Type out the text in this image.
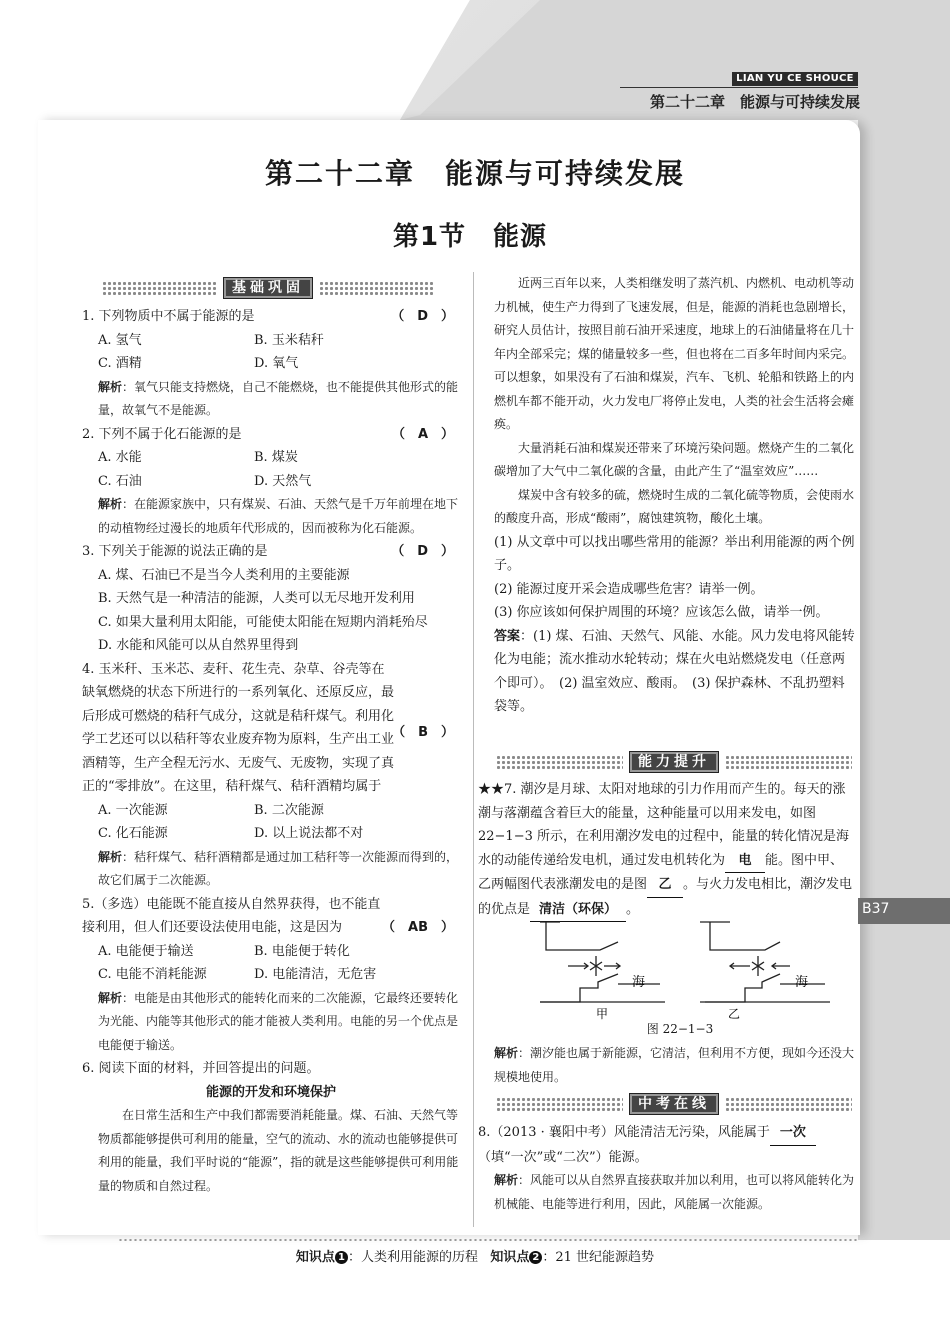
LIAN YU CE SHOUCE
第二十二章　能源与可持续发展
第二十二章　能源与可持续发展
第1节　能源
基础巩固

1. 下列物质中不属于能源的是	（　D　）
A. 氢气	B. 玉米秸秆
C. 酒精	D. 氧气

解析：氧气只能支持燃烧，自己不能燃烧，也不能提供其他形式的能量，故氧气不是能源。

2. 下列不属于化石能源的是	（　A　）
A. 水能	B. 煤炭
C. 石油	D. 天然气

解析：在能源家族中，只有煤炭、石油、天然气是千万年前埋在地下的动植物经过漫长的地质年代形成的，因而被称为化石能源。

3. 下列关于能源的说法正确的是	（　D　）

A. 煤、石油已不是当今人类利用的主要能源

B. 天然气是一种清洁的能源，人类可以无尽地开发利用

C. 如果大量利用太阳能，可能使太阳能在短期内消耗殆尽

D. 水能和风能可以从自然界里得到

4. 玉米秆、玉米芯、麦秆、花生壳、杂草、谷壳等在缺氧燃烧的状态下所进行的一系列氧化、还原反应，最后形成可燃烧的秸秆气成分，这就是秸秆煤气。利用化学工艺还可以以秸秆等农业废弃物为原料，生产出工业酒精等，生产全程无污水、无废气、无废物，实现了真正的“零排放”。在这里，秸秆煤气、秸秆酒精均属于

（　B　）
A. 一次能源	B. 二次能源
C. 化石能源	D. 以上说法都不对

解析：秸秆煤气、秸秆酒精都是通过加工秸秆等一次能源而得到的，故它们属于二次能源。

5.（多选）电能既不能直接从自然界获得，也不能直接利用，但人们还要设法使用电能，这是因为	（　AB　）
A. 电能便于输送	B. 电能便于转化
C. 电能不消耗能源	D. 电能清洁，无危害

解析：电能是由其他形式的能转化而来的二次能源，它最终还要转化为光能、内能等其他形式的能才能被人类利用。电能的另一个优点是电能便于输送。

6. 阅读下面的材料，并回答提出的问题。

能源的开发和环境保护

在日常生活和生产中我们都需要消耗能量。煤、石油、天然气等物质都能够提供可利用的能量，空气的流动、水的流动也能够提供可利用的能量，我们平时说的“能源”，指的就是这些能够提供可利用能量的物质和自然过程。

近两三百年以来，人类相继发明了蒸汽机、内燃机、电动机等动力机械，使生产力得到了飞速发展，但是，能源的消耗也急剧增长，研究人员估计，按照目前石油开采速度，地球上的石油储量将在几十年内全部采完；煤的储量较多一些，但也将在二百多年时间内采完。可以想象，如果没有了石油和煤炭，汽车、飞机、轮船和铁路上的内燃机车都不能开动，火力发电厂将停止发电，人类的社会生活将会瘫痪。

大量消耗石油和煤炭还带来了环境污染问题。燃烧产生的二氧化碳增加了大气中二氧化碳的含量，由此产生了“温室效应”……

煤炭中含有较多的硫，燃烧时生成的二氧化硫等物质，会使雨水的酸度升高，形成“酸雨”，腐蚀建筑物，酸化土壤。

(1) 从文章中可以找出哪些常用的能源？举出利用能源的两个例子。

(2) 能源过度开采会造成哪些危害？请举一例。

(3) 你应该如何保护周围的环境？应该怎么做，请举一例。

答案：(1) 煤、石油、天然气、风能、水能。风力发电将风能转化为电能；流水推动水轮转动；煤在火电站燃烧发电（任意两个即可）。　(2) 温室效应、酸雨。　(3) 保护森林、不乱扔塑料袋等。

能力提升

★★7. 潮汐是月球、太阳对地球的引力作用而产生的。每天的涨潮与落潮蕴含着巨大的能量，这种能量可以用来发电，如图 22−1−3 所示，在利用潮汐发电的过程中，能量的转化情况是海水的动能传递给发电机，通过发电机转化为 电 能。图中甲、乙两幅图代表涨潮发电的是图 乙 。与火力发电相比，潮汐发电的优点是 清洁（环保） 。

海	海
甲	乙
图 22−1−3

解析：潮汐能也属于新能源，它清洁，但利用不方便，现如今还没大规模地使用。

中考在线

8.（2013 · 襄阳中考）风能清洁无污染，风能属于 一次（填“一次”或“二次”）能源。

解析：风能可以从自然界直接获取并加以利用，也可以将风能转化为机械能、电能等进行利用，因此，风能属一次能源。

B37
知识点 1 ：人类利用能源的历程 知识点 2 ：21 世纪能源趋势
